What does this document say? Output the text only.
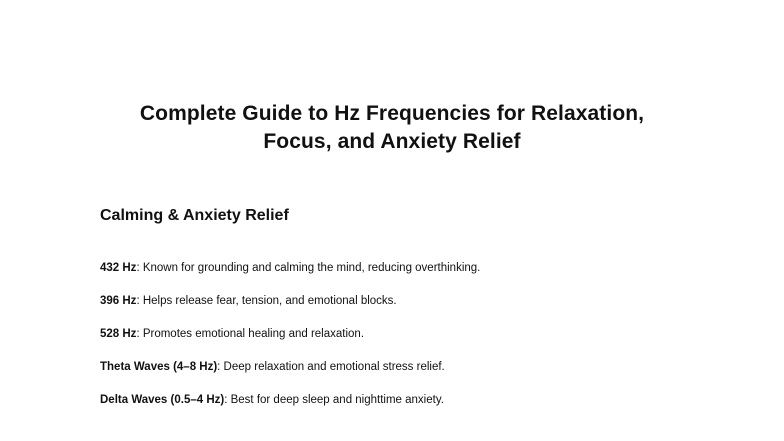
Complete Guide to Hz Frequencies for Relaxation,
Focus, and Anxiety Relief
Calming & Anxiety Relief
432 Hz: Known for grounding and calming the mind, reducing overthinking.
396 Hz: Helps release fear, tension, and emotional blocks.
528 Hz: Promotes emotional healing and relaxation.
Theta Waves (4–8 Hz): Deep relaxation and emotional stress relief.
Delta Waves (0.5–4 Hz): Best for deep sleep and nighttime anxiety.
